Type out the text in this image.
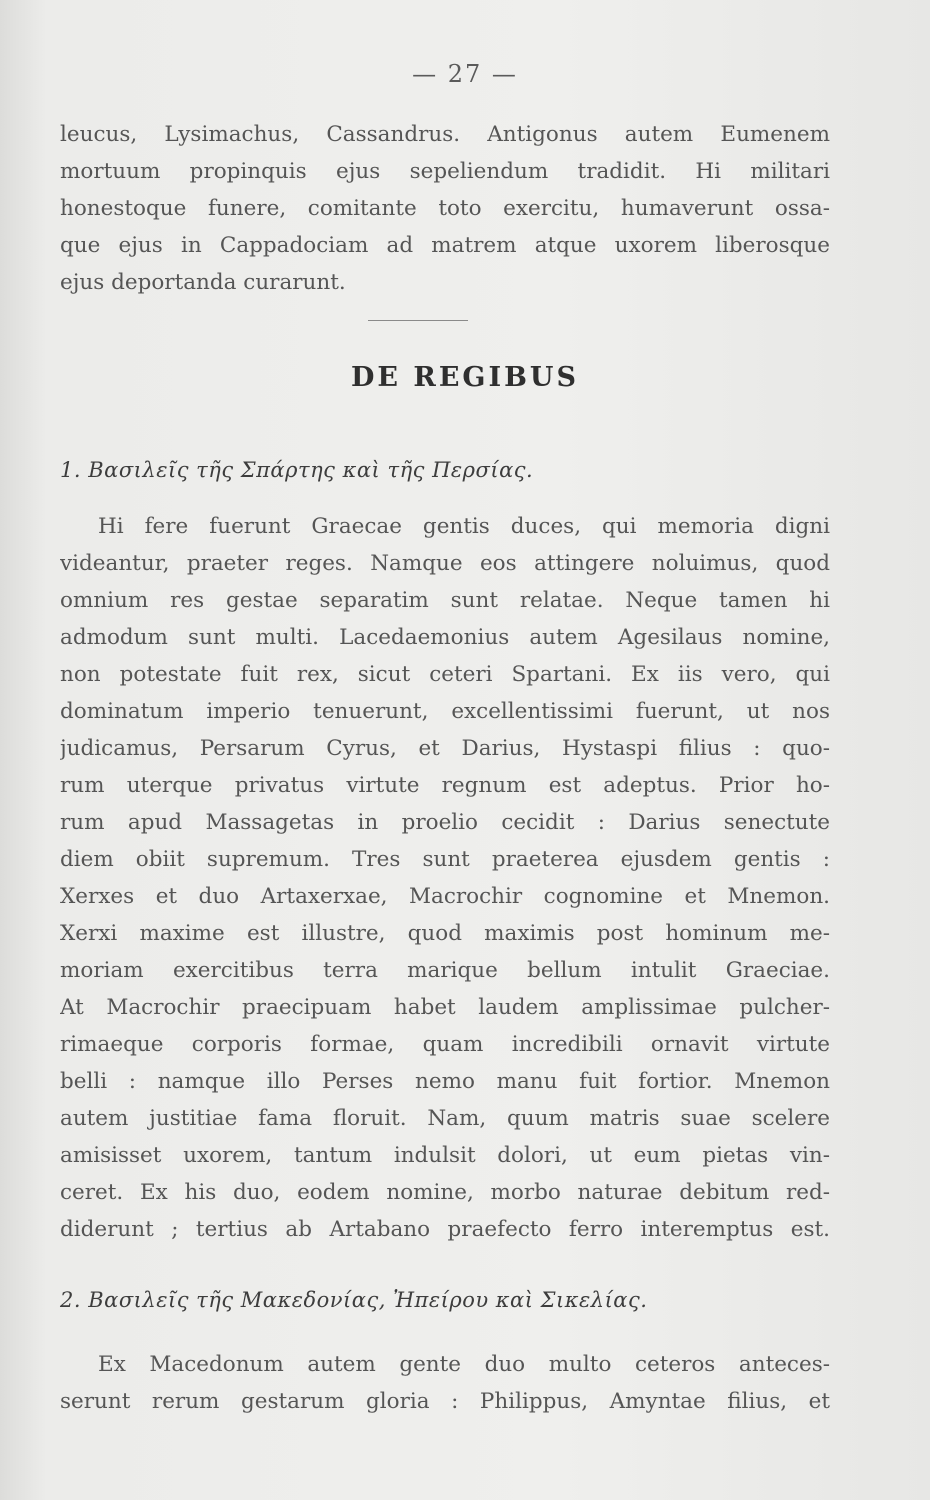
— 27 —
leucus, Lysimachus, Cassandrus. Antigonus autem Eumenem
mortuum propinquis ejus sepeliendum tradidit. Hi militari
honestoque funere, comitante toto exercitu, humaverunt ossa-
que ejus in Cappadociam ad matrem atque uxorem liberosque
ejus deportanda curarunt.
DE REGIBUS
1. Βασιλεῖς τῆς Σπάρτης καὶ τῆς Περσίας.
Hi fere fuerunt Graecae gentis duces, qui memoria digni
videantur, praeter reges. Namque eos attingere noluimus, quod
omnium res gestae separatim sunt relatae. Neque tamen hi
admodum sunt multi. Lacedaemonius autem Agesilaus nomine,
non potestate fuit rex, sicut ceteri Spartani. Ex iis vero, qui
dominatum imperio tenuerunt, excellentissimi fuerunt, ut nos
judicamus, Persarum Cyrus, et Darius, Hystaspi filius : quo-
rum uterque privatus virtute regnum est adeptus. Prior ho-
rum apud Massagetas in proelio cecidit : Darius senectute
diem obiit supremum. Tres sunt praeterea ejusdem gentis :
Xerxes et duo Artaxerxae, Macrochir cognomine et Mnemon.
Xerxi maxime est illustre, quod maximis post hominum me-
moriam exercitibus terra marique bellum intulit Graeciae.
At Macrochir praecipuam habet laudem amplissimae pulcher-
rimaeque corporis formae, quam incredibili ornavit virtute
belli : namque illo Perses nemo manu fuit fortior. Mnemon
autem justitiae fama floruit. Nam, quum matris suae scelere
amisisset uxorem, tantum indulsit dolori, ut eum pietas vin-
ceret. Ex his duo, eodem nomine, morbo naturae debitum red-
diderunt ; tertius ab Artabano praefecto ferro interemptus est.
2. Βασιλεῖς τῆς Μακεδονίας, Ἠπείρου καὶ Σικελίας.
Ex Macedonum autem gente duo multo ceteros anteces-
serunt rerum gestarum gloria : Philippus, Amyntae filius, et
